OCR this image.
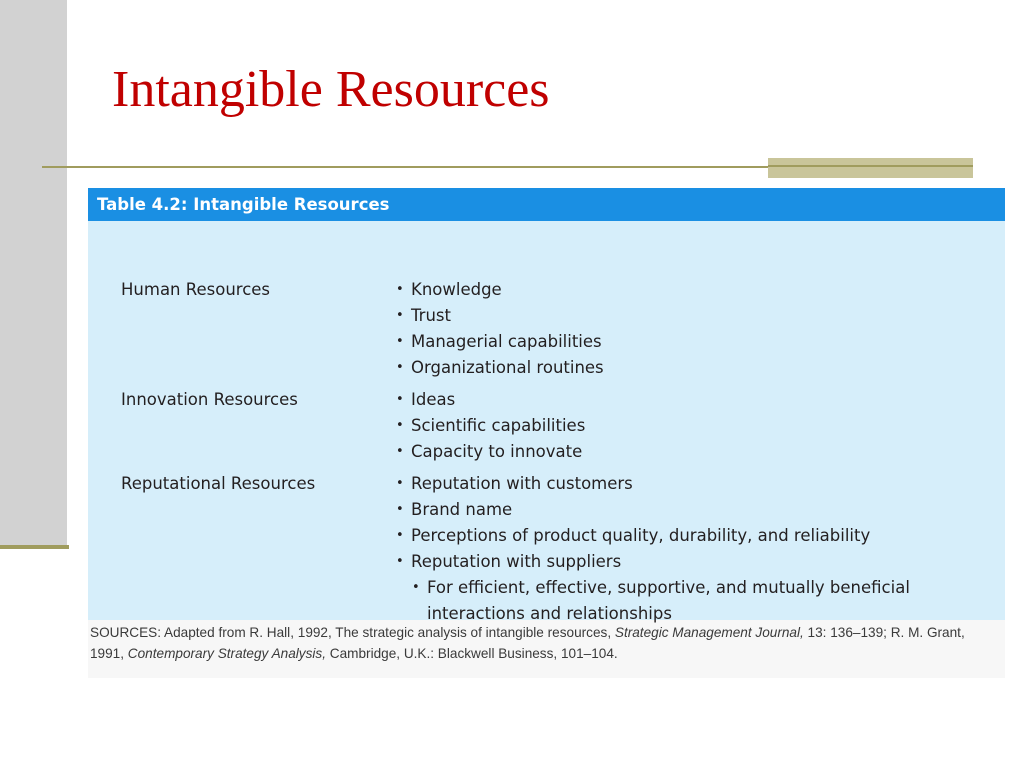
Intangible Resources
Table 4.2: Intangible Resources
Human Resources	• Knowledge
• Trust
• Managerial capabilities
• Organizational routines
Innovation Resources	• Ideas
• Scientific capabilities
• Capacity to innovate
Reputational Resources	• Reputation with customers
• Brand name
• Perceptions of product quality, durability, and reliability
• Reputation with suppliers
• For efficient, effective, supportive, and mutually beneficial interactions and relationships
SOURCES: Adapted from R. Hall, 1992, The strategic analysis of intangible resources, Strategic Management Journal, 13: 136–139; R. M. Grant, 1991, Contemporary Strategy Analysis, Cambridge, U.K.: Blackwell Business, 101–104.
